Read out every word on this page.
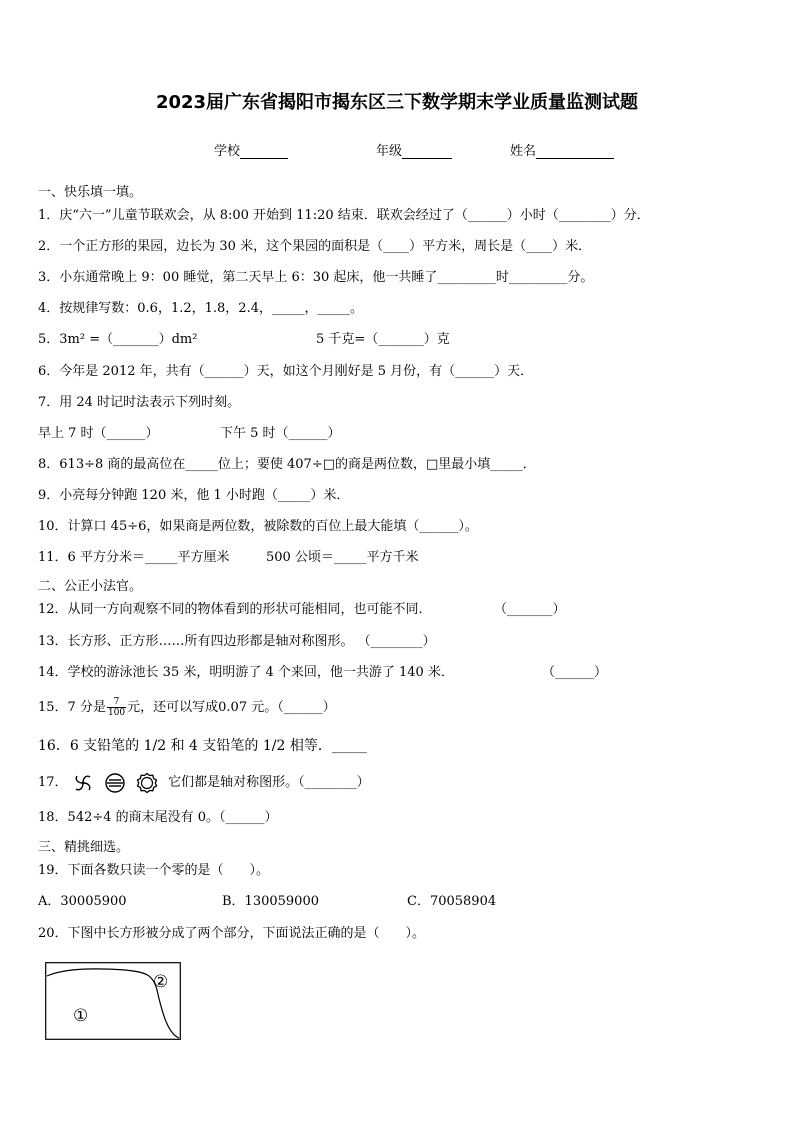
2023届广东省揭阳市揭东区三下数学期末学业质量监测试题
学校	年级	姓名
一、快乐填一填。
1．庆“六一”儿童节联欢会，从 8:00 开始到 11:20 结束．联欢会经过了（______）小时（________）分．
2．一个正方形的果园，边长为 30 米，这个果园的面积是（____）平方米，周长是（____）米．
3．小东通常晚上 9：00 睡觉，第二天早上 6：30 起床，他一共睡了_________时_________分。
4．按规律写数：0.6，1.2，1.8，2.4，_____，_____。
5．3m² =（_______）dm²	5 千克=（_______）克
6．今年是 2012 年，共有（______）天，如这个月刚好是 5 月份，有（______）天．
7．用 24 时记时法表示下列时刻。
早上 7 时（______）	下午 5 时（______）
8．613÷8 商的最高位在_____位上；要使 407÷□的商是两位数，□里最小填_____．
9．小亮每分钟跑 120 米，他 1 小时跑（_____）米．
10．计算口 45÷6，如果商是两位数，被除数的百位上最大能填（______）。
11．6 平方分米＝_____平方厘米	500 公顷＝_____平方千米
二、公正小法官。
12．从同一方向观察不同的物体看到的形状可能相同，也可能不同．	（_______）
13．长方形、正方形……所有四边形都是轴对称图形。 （________）
14．学校的游泳池长 35 米，明明游了 4 个来回，他一共游了 140 米．	（______）
15．7 分是 $\frac{7}{100}$ 元，还可以写成0.07 元。（______）
16．6 支铅笔的 1/2 和 4 支铅笔的 1/2 相等．_____
17．	它们都是轴对称图形。（________）
18．542÷4 的商末尾没有 0。（______）
三、精挑细选。
19．下面各数只读一个零的是（　　）。
A．30005900	B．130059000	C．70058904
20．下图中长方形被分成了两个部分，下面说法正确的是（　　）。
①
②
